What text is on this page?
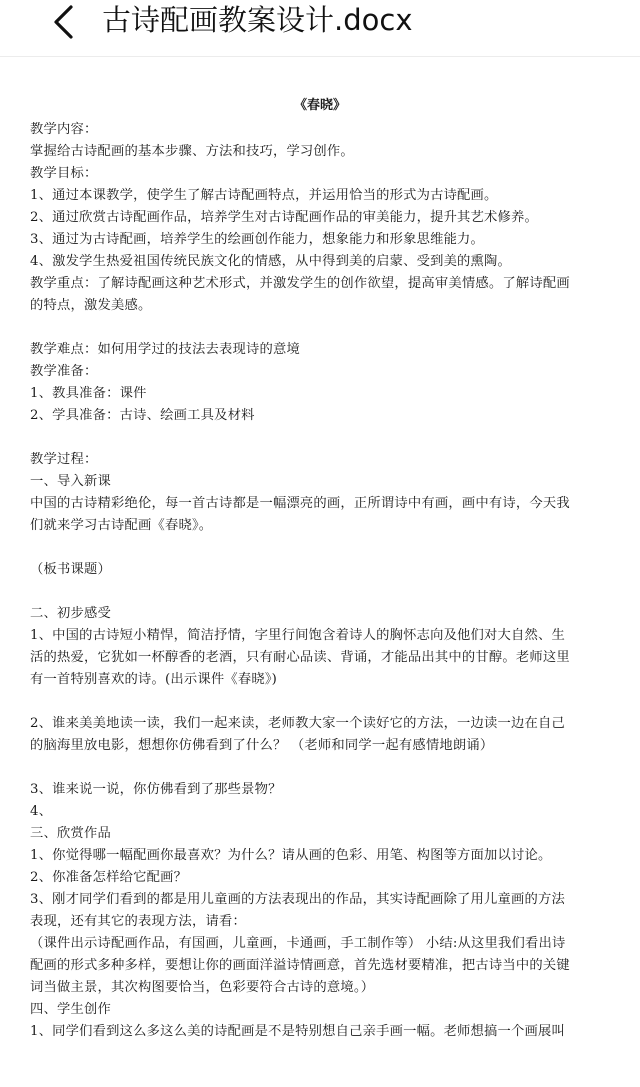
古诗配画教案设计.docx
《春晓》
教学内容：
掌握给古诗配画的基本步骤、方法和技巧，学习创作。
教学目标：
1、通过本课教学，使学生了解古诗配画特点，并运用恰当的形式为古诗配画。
2、通过欣赏古诗配画作品，培养学生对古诗配画作品的审美能力，提升其艺术修养。
3、通过为古诗配画，培养学生的绘画创作能力，想象能力和形象思维能力。
4、激发学生热爱祖国传统民族文化的情感，从中得到美的启蒙、受到美的熏陶。
教学重点：了解诗配画这种艺术形式，并激发学生的创作欲望，提高审美情感。了解诗配画
的特点，激发美感。
教学难点：如何用学过的技法去表现诗的意境
教学准备：
1、教具准备：课件
2、学具准备：古诗、绘画工具及材料
教学过程：
一、导入新课
中国的古诗精彩绝伦，每一首古诗都是一幅漂亮的画，正所谓诗中有画，画中有诗，今天我
们就来学习古诗配画《春晓》。
（板书课题）
二、初步感受
1、中国的古诗短小精悍，简洁抒情，字里行间饱含着诗人的胸怀志向及他们对大自然、生
活的热爱，它犹如一杯醇香的老酒，只有耐心品读、背诵，才能品出其中的甘醇。老师这里
有一首特别喜欢的诗。(出示课件《春晓》)
2、谁来美美地读一读，我们一起来读，老师教大家一个读好它的方法，一边读一边在自己
的脑海里放电影，想想你仿佛看到了什么？ （老师和同学一起有感情地朗诵）
3、谁来说一说，你仿佛看到了那些景物？
4、
三、欣赏作品
1、你觉得哪一幅配画你最喜欢？为什么？请从画的色彩、用笔、构图等方面加以讨论。
2、你准备怎样给它配画？
3、刚才同学们看到的都是用儿童画的方法表现出的作品，其实诗配画除了用儿童画的方法
表现，还有其它的表现方法，请看：
（课件出示诗配画作品，有国画，儿童画，卡通画，手工制作等） 小结:从这里我们看出诗
配画的形式多种多样，要想让你的画面洋溢诗情画意，首先选材要精准，把古诗当中的关键
词当做主景，其次构图要恰当，色彩要符合古诗的意境。）
四、学生创作
1、同学们看到这么多这么美的诗配画是不是特别想自己亲手画一幅。老师想搞一个画展叫
